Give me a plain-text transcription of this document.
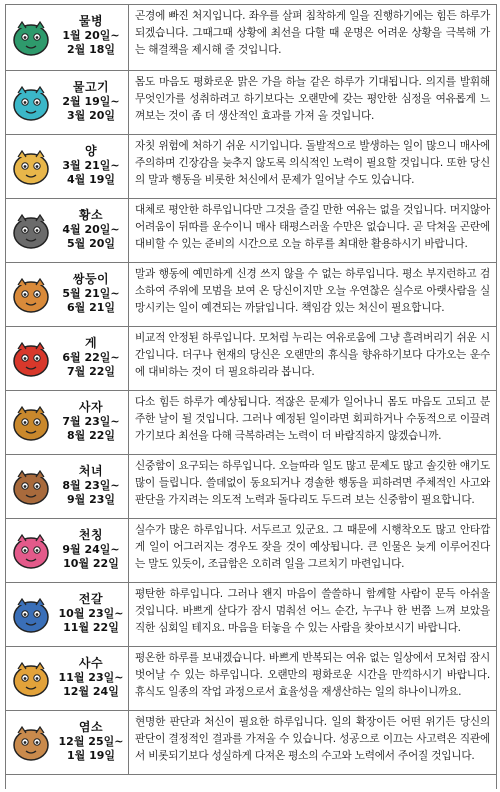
물병
1월 20일~
2월 18일
곤경에 빠진 처지입니다. 좌우를 살펴 침착하게 일을 진행하기에는 힘든 하루가 되겠습니다. 그때그때 상황에 최선을 다할 때 운명은 어려운 상황을 극복해 가는 해결책을 제시해 줄 것입니다.
물고기
2월 19일~
3월 20일
몸도 마음도 평화로운 맑은 가을 하늘 같은 하루가 기대됩니다. 의지를 발휘해 무엇인가를 성취하려고 하기보다는 오랜만에 갖는 평안한 심정을 여유롭게 느껴보는 것이 좀 더 생산적인 효과를 가져 올 것입니다.
양
3월 21일~
4월 19일
자칫 위험에 처하기 쉬운 시기입니다. 돌발적으로 발생하는 일이 많으니 매사에 주의하며 긴장감을 늦추지 않도록 의식적인 노력이 필요할 것입니다. 또한 당신의 말과 행동을 비롯한 처신에서 문제가 일어날 수도 있습니다.
황소
4월 20일~
5월 20일
대체로 평안한 하루입니다만 그것을 즐길 만한 여유는 없을 것입니다. 머지않아 어려움이 뒤따를 운수이니 매사 태평스러울 수만은 없습니다. 곧 닥쳐올 곤란에 대비할 수 있는 준비의 시간으로 오늘 하루를 최대한 활용하시기 바랍니다.
쌍둥이
5월 21일~
6월 21일
말과 행동에 예민하게 신경 쓰지 않을 수 없는 하루입니다. 평소 부지런하고 검소하여 주위에 모범을 보여 온 당신이지만 오늘 우연찮은 실수로 아랫사람을 실망시키는 일이 예견되는 까닭입니다. 책임감 있는 처신이 필요합니다.
게
6월 22일~
7월 22일
비교적 안정된 하루입니다. 모처럼 누리는 여유로움에 그냥 흘려버리기 쉬운 시간입니다. 더구나 현재의 당신은 오랜만의 휴식을 향유하기보다 다가오는 운수에 대비하는 것이 더 필요하리라 봅니다.
사자
7월 23일~
8월 22일
다소 힘든 하루가 예상됩니다. 적잖은 문제가 일어나니 몸도 마음도 고되고 분주한 날이 될 것입니다. 그러나 예정된 일이라면 회피하거나 수동적으로 이끌려가기보다 최선을 다해 극복하려는 노력이 더 바람직하지 않겠습니까.
처녀
8월 23일~
9월 23일
신중함이 요구되는 하루입니다. 오늘따라 일도 많고 문제도 많고 솔깃한 얘기도 많이 들립니다. 쓸데없이 동요되거나 경솔한 행동을 피하려면 주체적인 사고와 판단을 가지려는 의도적 노력과 돌다리도 두드려 보는 신중함이 필요합니다.
천칭
9월 24일~
10월 22일
실수가 많은 하루입니다. 서두르고 있군요. 그 때문에 시행착오도 많고 안타깝게 일이 어그러지는 경우도 잦을 것이 예상됩니다. 큰 인물은 늦게 이루어진다는 말도 있듯이, 조급함은 오히려 일을 그르치기 마련입니다.
전갈
10월 23일~
11월 22일
평탄한 하루입니다. 그러나 왠지 마음이 쓸쓸하니 함께할 사람이 문득 아쉬울 것입니다. 바쁘게 살다가 잠시 멈춰선 어느 순간, 누구나 한 번쯤 느껴 보았을 직한 심회일 테지요. 마음을 터놓을 수 있는 사람을 찾아보시기 바랍니다.
사수
11월 23일~
12월 24일
평온한 하루를 보내겠습니다. 바쁘게 반복되는 여유 없는 일상에서 모처럼 잠시 벗어날 수 있는 하루입니다. 오랜만의 평화로운 시간을 만끽하시기 바랍니다. 휴식도 일종의 작업 과정으로서 효율성을 재생산하는 일의 하나이니까요.
염소
12월 25일~
1월 19일
현명한 판단과 처신이 필요한 하루입니다. 일의 확장이든 어떤 위기든 당신의 판단이 결정적인 결과를 가져올 수 있습니다. 성공으로 이끄는 사고력은 직관에서 비롯되기보다 성실하게 다져온 평소의 수고와 노력에서 주어질 것입니다.
